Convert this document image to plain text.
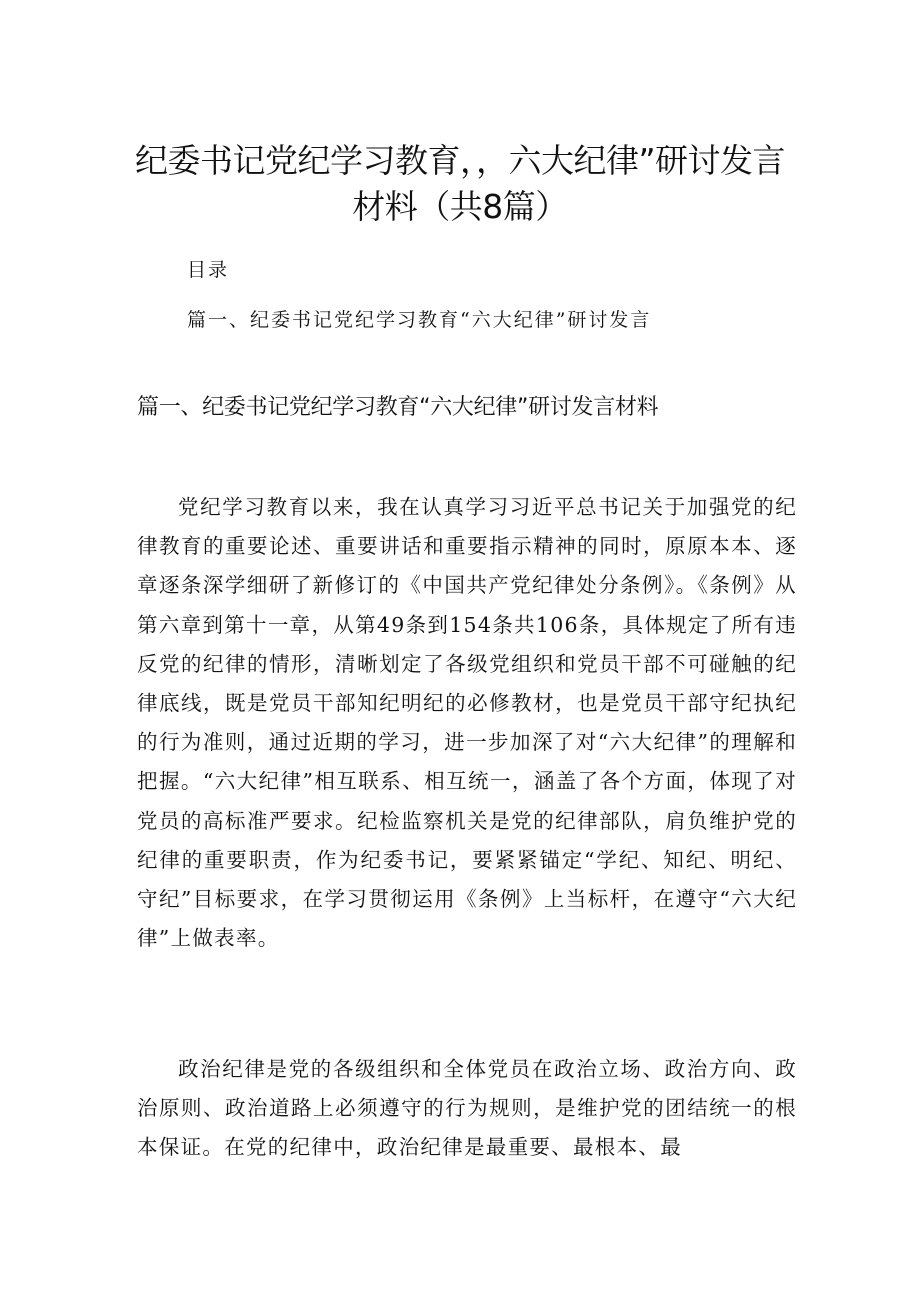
纪委书记党纪学习教育，，六大纪律”研讨发言材料（共8篇）

目录

篇一、纪委书记党纪学习教育“六大纪律”研讨发言

篇一、纪委书记党纪学习教育“六大纪律”研讨发言材料

党纪学习教育以来，我在认真学习习近平总书记关于加强党的纪律教育的重要论述、重要讲话和重要指示精神的同时，原原本本、逐章逐条深学细研了新修订的《中国共产党纪律处分条例》。《条例》从第六章到第十一章，从第49条到154条共106条，具体规定了所有违反党的纪律的情形，清晰划定了各级党组织和党员干部不可碰触的纪律底线，既是党员干部知纪明纪的必修教材，也是党员干部守纪执纪的行为准则，通过近期的学习，进一步加深了对“六大纪律”的理解和把握。“六大纪律”相互联系、相互统一，涵盖了各个方面，体现了对党员的高标准严要求。纪检监察机关是党的纪律部队，肩负维护党的纪律的重要职责，作为纪委书记，要紧紧锚定“学纪、知纪、明纪、守纪”目标要求，在学习贯彻运用《条例》上当标杆，在遵守“六大纪律”上做表率。

政治纪律是党的各级组织和全体党员在政治立场、政治方向、政治原则、政治道路上必须遵守的行为规则，是维护党的团结统一的根本保证。在党的纪律中，政治纪律是最重要、最根本、最
